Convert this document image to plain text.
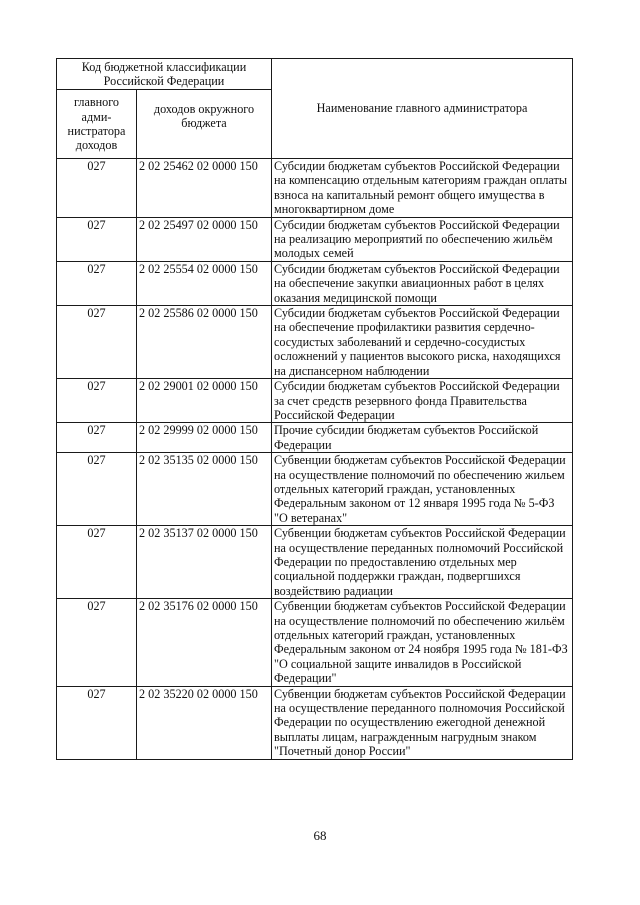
Код бюджетной классификации Российской Федерации		Наименование главного администратора
главного адми-нистратора доходов	доходов окружного бюджета	
027	2 02 25462 02 0000 150	Субсидии бюджетам субъектов Российской Федерации на компенсацию отдельным категориям граждан оплаты взноса на капитальный ремонт общего имущества в многоквартирном доме
027	2 02 25497 02 0000 150	Субсидии бюджетам субъектов Российской Федерации на реализацию мероприятий по обеспечению жильём молодых семей
027	2 02 25554 02 0000 150	Субсидии бюджетам субъектов Российской Федерации на обеспечение закупки авиационных работ в целях оказания медицинской помощи
027	2 02 25586 02 0000 150	Субсидии бюджетам субъектов Российской Федерации на обеспечение профилактики развития сердечно-сосудистых заболеваний и сердечно-сосудистых осложнений у пациентов высокого риска, находящихся на диспансерном наблюдении
027	2 02 29001 02 0000 150	Субсидии бюджетам субъектов Российской Федерации за счет средств резервного фонда Правительства Российской Федерации
027	2 02 29999 02 0000 150	Прочие субсидии бюджетам субъектов Российской Федерации
027	2 02 35135 02 0000 150	Субвенции бюджетам субъектов Российской Федерации на осуществление полномочий по обеспечению жильем отдельных категорий граждан, установленных Федеральным законом от 12 января 1995 года № 5-ФЗ "О ветеранах"
027	2 02 35137 02 0000 150	Субвенции бюджетам субъектов Российской Федерации на осуществление переданных полномочий Российской Федерации по предоставлению отдельных мер социальной поддержки граждан, подвергшихся воздействию радиации
027	2 02 35176 02 0000 150	Субвенции бюджетам субъектов Российской Федерации на осуществление полномочий по обеспечению жильём отдельных категорий граждан, установленных Федеральным законом от 24 ноября 1995 года № 181-ФЗ "О социальной защите инвалидов в Российской Федерации"
027	2 02 35220 02 0000 150	Субвенции бюджетам субъектов Российской Федерации на осуществление переданного полномочия Российской Федерации по осуществлению ежегодной денежной выплаты лицам, награжденным нагрудным знаком "Почетный донор России"
68
